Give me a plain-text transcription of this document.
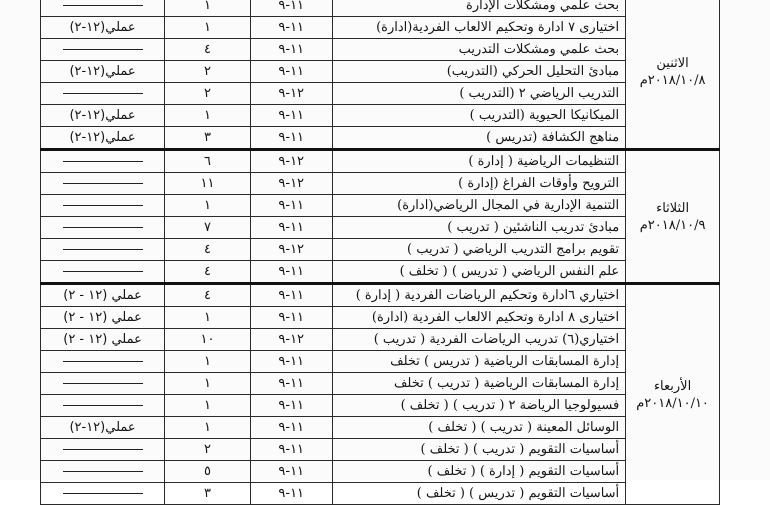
الاثنين
٢٠١٨/١٠/٨م	بحث علمي ومشكلات الإدارة	١١-٩	١	
	اختيارى ٧ ادارة وتحكيم الالعاب الفردية(ادارة)	١١-٩	١	عملي(١٢-٢)
	بحث علمي ومشكلات التدريب	١١-٩	٤	
	مبادئ التحليل الحركي (التدريب)	١١-٩	٢	عملي(١٢-٢)
	التدريب الرياضي ٢ (التدريب )	١٢-٩	٢	
	الميكانيكا الحيوية (التدريب )	١١-٩	١	عملي(١٢-٢)
	مناهج الكشافة (تدريس )	١١-٩	٣	عملي(١٢-٢)

الثلاثاء
٢٠١٨/١٠/٩م	التنظيمات الرياضية ( إدارة )	١٢-٩	٦	
	الترويح وأوقات الفراغ (إدارة )	١٢-٩	١١	
	التنمية الإدارية في المجال الرياضي(ادارة)	١١-٩	١	
	مبادئ تدريب الناشئين ( تدريب )	١١-٩	٧	
	تقويم برامج التدريب الرياضي ( تدريب )	١٢-٩	٤	
	علم النفس الرياضي ( تدريس ) ( تخلف )	١١-٩	٤	

الأربعاء
٢٠١٨/١٠/١٠م	اختياري ٦ادارة وتحكيم الرياضات الفردية ( إدارة )	١١-٩	٤	عملي (١٢ - ٢)
	اختيارى ٨ ادارة وتحكيم الالعاب الفردية (ادارة)	١١-٩	١	عملي (١٢ - ٢)
	اختياري(٦) تدريب الرياضات الفردية ( تدريب )	١٢-٩	١٠	عملي (١٢ - ٢)
	إدارة المسابقات الرياضية ( تدريس ) تخلف	١١-٩	١	
	إدارة المسابقات الرياضية ( تدريب ) تخلف	١١-٩	١	
	فسيولوجيا الرياضة ٢ ( تدريب ) ( تخلف )	١١-٩	١	
	الوسائل المعينة ( تدريب ) ( تخلف )	١١-٩	١	عملي(١٢-٢)
	أساسيات التقويم ( تدريب ) ( تخلف )	١١-٩	٢	
	أساسيات التقويم ( إدارة ) ( تخلف )	١١-٩	٥	
	أساسيات التقويم ( تدريس ) ( تخلف )	١١-٩	٣	
